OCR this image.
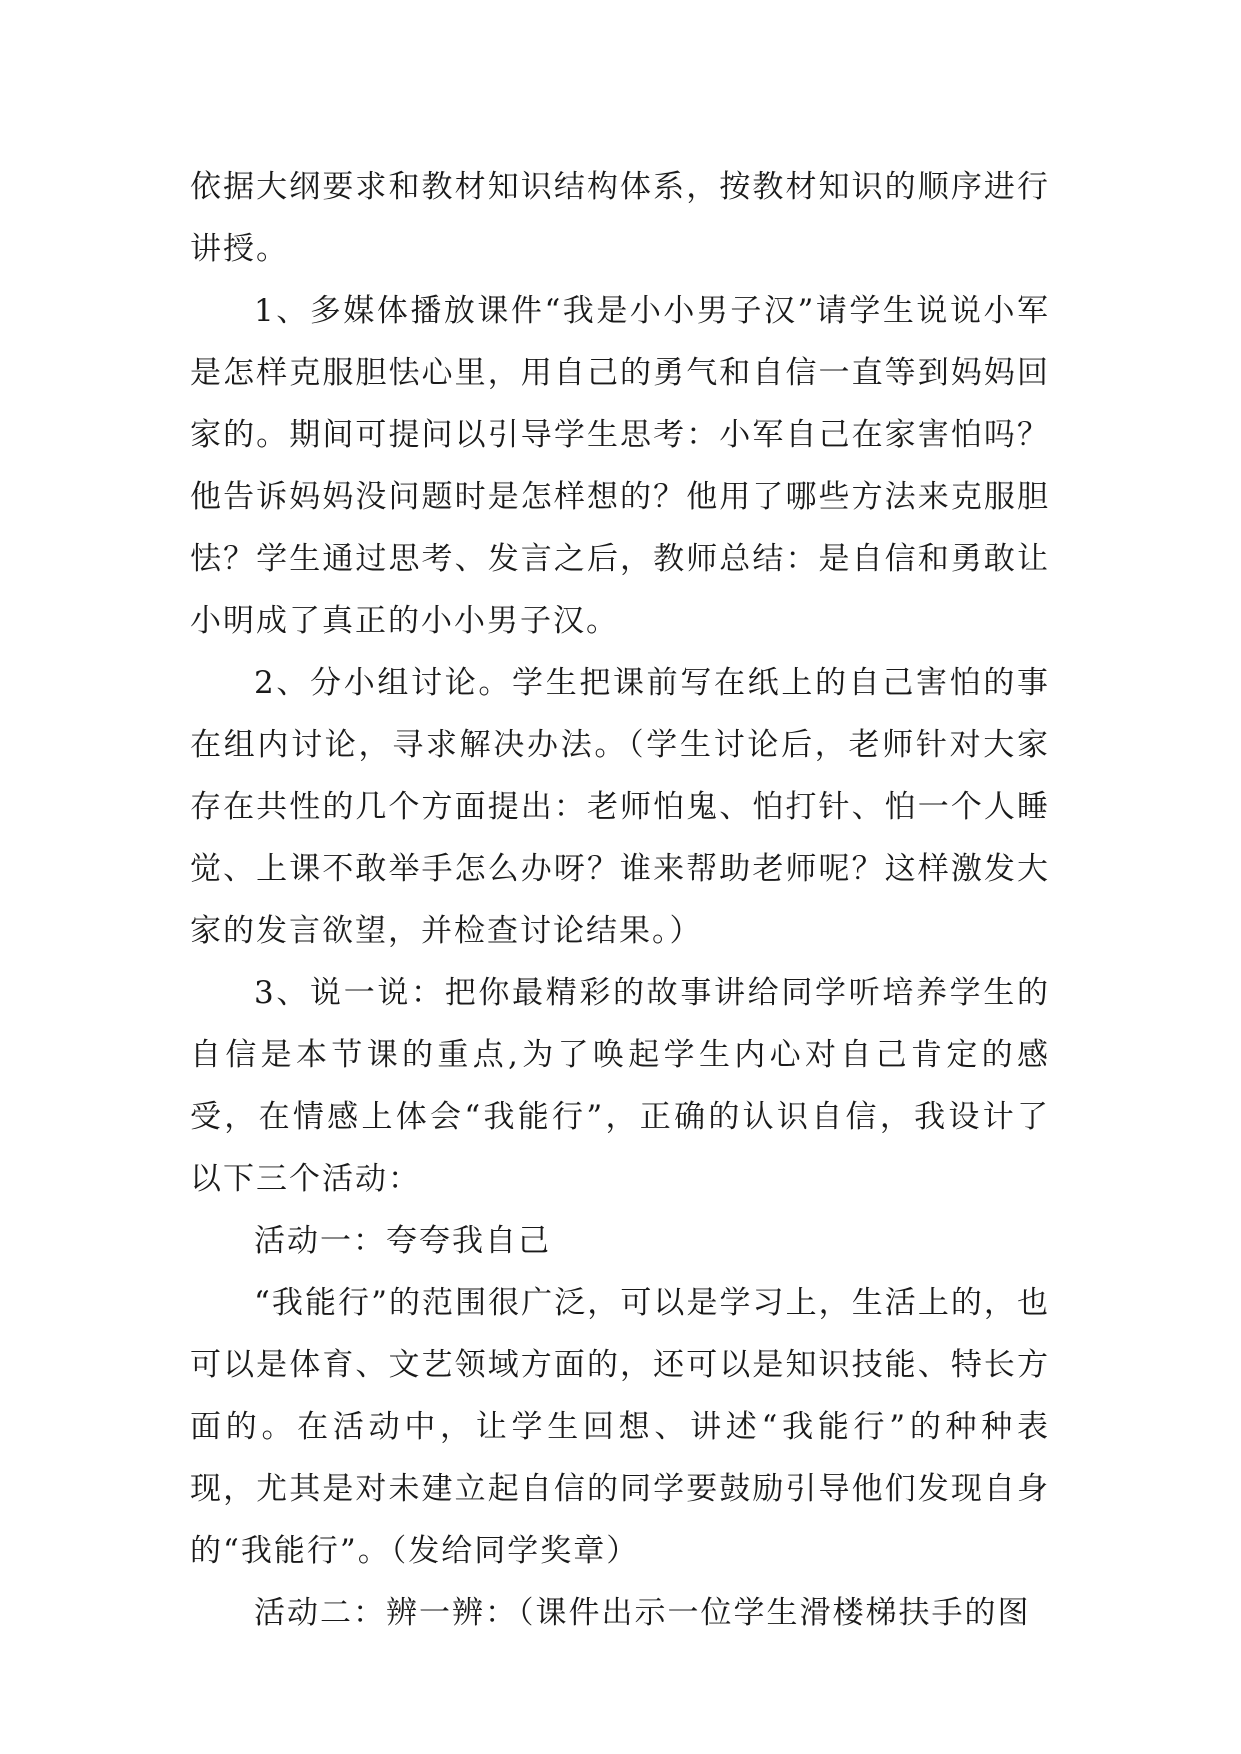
依据大纲要求和教材知识结构体系，按教材知识的顺序进行讲授。

1、多媒体播放课件“我是小小男子汉”请学生说说小军是怎样克服胆怯心里，用自己的勇气和自信一直等到妈妈回家的。期间可提问以引导学生思考：小军自己在家害怕吗？他告诉妈妈没问题时是怎样想的？他用了哪些方法来克服胆怯？学生通过思考、发言之后，教师总结：是自信和勇敢让小明成了真正的小小男子汉。

2、分小组讨论。学生把课前写在纸上的自己害怕的事在组内讨论，寻求解决办法。（学生讨论后，老师针对大家存在共性的几个方面提出：老师怕鬼、怕打针、怕一个人睡觉、上课不敢举手怎么办呀？谁来帮助老师呢？这样激发大家的发言欲望，并检查讨论结果。）

3、说一说：把你最精彩的故事讲给同学听培养学生的自信是本节课的重点,为了唤起学生内心对自己肯定的感受，在情感上体会“我能行”，正确的认识自信，我设计了以下三个活动：

活动一：夸夸我自己

“我能行”的范围很广泛，可以是学习上，生活上的，也可以是体育、文艺领域方面的，还可以是知识技能、特长方面的。在活动中，让学生回想、讲述“我能行”的种种表现，尤其是对未建立起自信的同学要鼓励引导他们发现自身的“我能行”。（发给同学奖章）

活动二：辨一辨：（课件出示一位学生滑楼梯扶手的图
